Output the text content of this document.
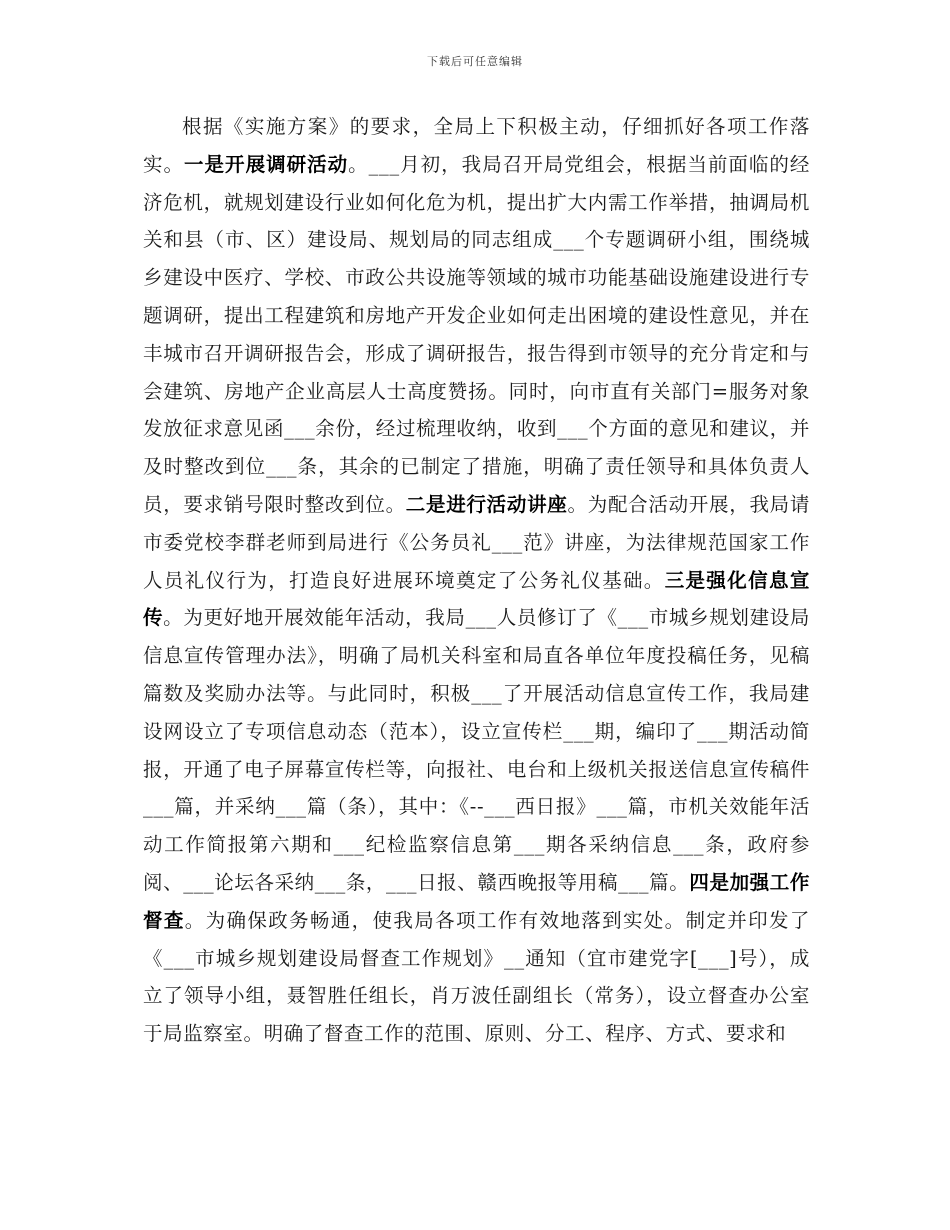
下载后可任意编辑
根据《实施方案》的要求，全局上下积极主动，仔细抓好各项工作落实。一是开展调研活动。___月初，我局召开局党组会，根据当前面临的经济危机，就规划建设行业如何化危为机，提出扩大内需工作举措，抽调局机关和县（市、区）建设局、规划局的同志组成___个专题调研小组，围绕城乡建设中医疗、学校、市政公共设施等领域的城市功能基础设施建设进行专题调研，提出工程建筑和房地产开发企业如何走出困境的建设性意见，并在丰城市召开调研报告会，形成了调研报告，报告得到市领导的充分肯定和与会建筑、房地产企业高层人士高度赞扬。同时，向市直有关部门=服务对象发放征求意见函___余份，经过梳理收纳，收到___个方面的意见和建议，并及时整改到位___条，其余的已制定了措施，明确了责任领导和具体负责人员，要求销号限时整改到位。二是进行活动讲座。为配合活动开展，我局请市委党校李群老师到局进行《公务员礼___范》讲座，为法律规范国家工作人员礼仪行为，打造良好进展环境奠定了公务礼仪基础。三是强化信息宣传。为更好地开展效能年活动，我局___人员修订了《___市城乡规划建设局信息宣传管理办法》，明确了局机关科室和局直各单位年度投稿任务，见稿篇数及奖励办法等。与此同时，积极___了开展活动信息宣传工作，我局建设网设立了专项信息动态（范本），设立宣传栏___期，编印了___期活动简报，开通了电子屏幕宣传栏等，向报社、电台和上级机关报送信息宣传稿件___篇，并采纳___篇（条），其中：《--___西日报》___篇，市机关效能年活动工作简报第六期和___纪检监察信息第___期各采纳信息___条，政府参阅、___论坛各采纳___条，___日报、赣西晚报等用稿___篇。四是加强工作督查。为确保政务畅通，使我局各项工作有效地落到实处。制定并印发了《___市城乡规划建设局督查工作规划》__通知（宜市建党字[___]号），成立了领导小组，聂智胜任组长，肖万波任副组长（常务），设立督查办公室于局监察室。明确了督查工作的范围、原则、分工、程序、方式、要求和
